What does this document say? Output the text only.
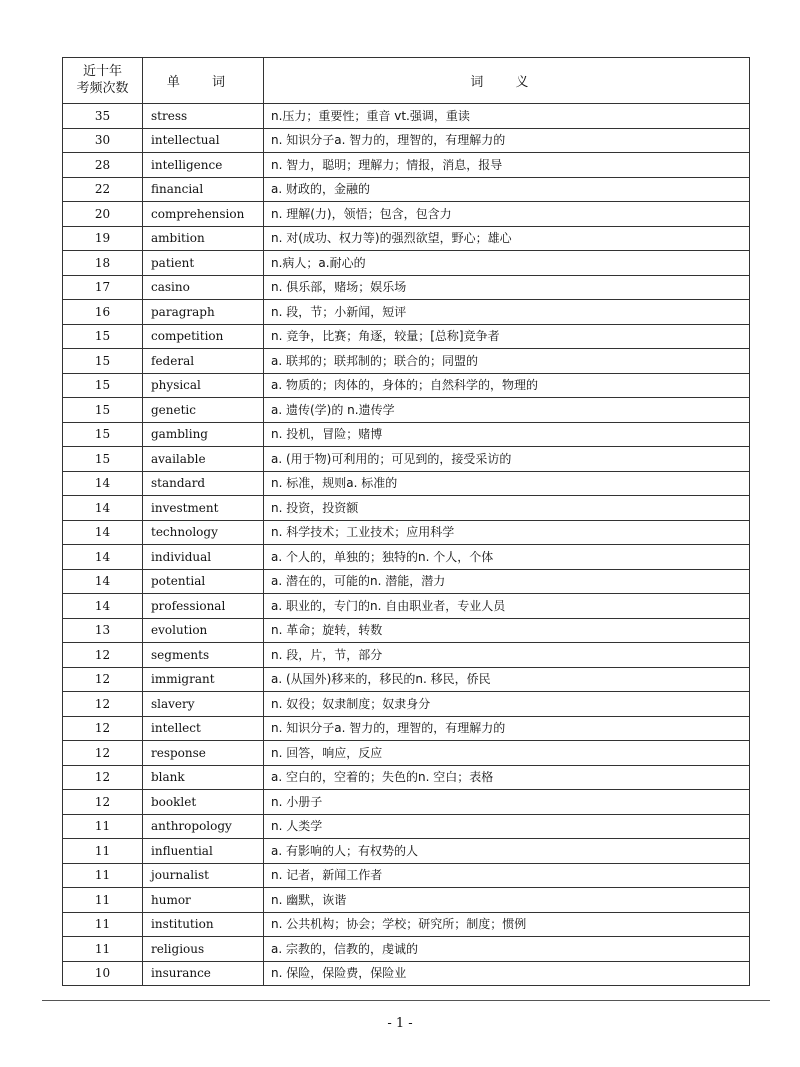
近十年
考频次数	单 词	词 义
35	stress	n.压力；重要性；重音 vt.强调，重读
30	intellectual	n. 知识分子a. 智力的，理智的，有理解力的
28	intelligence	n. 智力，聪明；理解力；情报，消息，报导
22	financial	a. 财政的，金融的
20	comprehension	n. 理解(力)，领悟；包含，包含力
19	ambition	n. 对(成功、权力等)的强烈欲望，野心；雄心
18	patient	n.病人；a.耐心的
17	casino	n. 俱乐部，赌场；娱乐场
16	paragraph	n. 段，节；小新闻，短评
15	competition	n. 竞争，比赛；角逐，较量；[总称]竞争者
15	federal	a. 联邦的；联邦制的；联合的；同盟的
15	physical	a. 物质的；肉体的，身体的；自然科学的，物理的
15	genetic	a. 遗传(学)的 n.遗传学
15	gambling	n. 投机，冒险；赌博
15	available	a. (用于物)可利用的；可见到的，接受采访的
14	standard	n. 标准，规则a. 标准的
14	investment	n. 投资，投资额
14	technology	n. 科学技术；工业技术；应用科学
14	individual	a. 个人的，单独的；独特的n. 个人，个体
14	potential	a. 潜在的，可能的n. 潜能，潜力
14	professional	a. 职业的，专门的n. 自由职业者，专业人员
13	evolution	n. 革命；旋转，转数
12	segments	n. 段，片，节，部分
12	immigrant	a. (从国外)移来的，移民的n. 移民，侨民
12	slavery	n. 奴役；奴隶制度；奴隶身分
12	intellect	n. 知识分子a. 智力的，理智的，有理解力的
12	response	n. 回答，响应，反应
12	blank	a. 空白的，空着的；失色的n. 空白；表格
12	booklet	n. 小册子
11	anthropology	n. 人类学
11	influential	a. 有影响的人；有权势的人
11	journalist	n. 记者，新闻工作者
11	humor	n. 幽默，诙谐
11	institution	n. 公共机构；协会；学校；研究所；制度；惯例
11	religious	a. 宗教的，信教的，虔诚的
10	insurance	n. 保险，保险费，保险业
- 1 -
